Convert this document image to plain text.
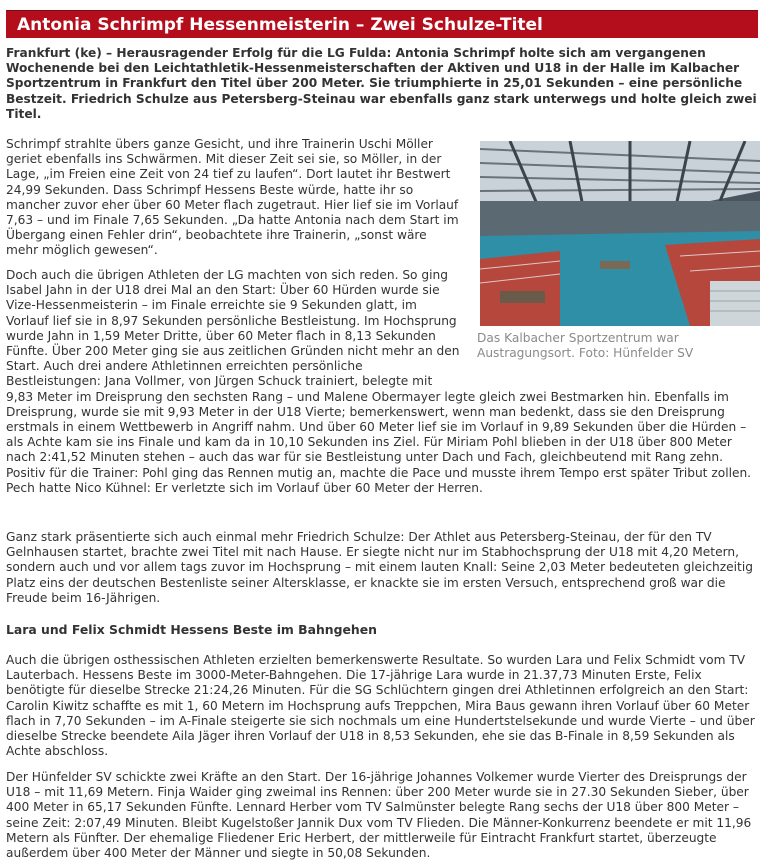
Antonia Schrimpf Hessenmeisterin – Zwei Schulze-Titel

Frankfurt (ke) – Herausragender Erfolg für die LG Fulda: Antonia Schrimpf holte sich am vergangenen Wochenende bei den Leichtathletik-Hessenmeisterschaften der Aktiven und U18 in der Halle im Kalbacher Sportzentrum in Frankfurt den Titel über 200 Meter. Sie triumphierte in 25,01 Sekunden – eine persönliche Bestzeit. Friedrich Schulze aus Petersberg-Steinau war ebenfalls ganz stark unterwegs und holte gleich zwei Titel.

Schrimpf strahlte übers ganze Gesicht, und ihre Trainerin Uschi Möller geriet ebenfalls ins Schwärmen. Mit dieser Zeit sei sie, so Möller, in der Lage, „im Freien eine Zeit von 24 tief zu laufen“. Dort lautet ihr Bestwert 24,99 Sekunden. Dass Schrimpf Hessens Beste würde, hatte ihr so mancher zuvor eher über 60 Meter flach zugetraut. Hier lief sie im Vorlauf 7,63 – und im Finale 7,65 Sekunden. „Da hatte Antonia nach dem Start im Übergang einen Fehler drin“, beobachtete ihre Trainerin, „sonst wäre mehr möglich gewesen“.

Das Kalbacher Sportzentrum war Austragungsort. Foto: Hünfelder SV
Doch auch die übrigen Athleten der LG machten von sich reden. So ging Isabel Jahn in der U18 drei Mal an den Start: Über 60 Hürden wurde sie Vize-Hessenmeisterin – im Finale erreichte sie 9 Sekunden glatt, im Vorlauf lief sie in 8,97 Sekunden persönliche Bestleistung. Im Hochsprung wurde Jahn in 1,59 Meter Dritte, über 60 Meter flach in 8,13 Sekunden Fünfte. Über 200 Meter ging sie aus zeitlichen Gründen nicht mehr an den Start. Auch drei andere Athletinnen erreichten persönliche Bestleistungen: Jana Vollmer, von Jürgen Schuck trainiert, belegte mit
9,83 Meter im Dreisprung den sechsten Rang – und Malene Obermayer legte gleich zwei Bestmarken hin. Ebenfalls im Dreisprung, wurde sie mit 9,93 Meter in der U18 Vierte; bemerkenswert, wenn man bedenkt, dass sie den Dreisprung erstmals in einem Wettbewerb in Angriff nahm. Und über 60 Meter lief sie im Vorlauf in 9,89 Sekunden über die Hürden – als Achte kam sie ins Finale und kam da in 10,10 Sekunden ins Ziel. Für Miriam Pohl blieben in der U18 über 800 Meter nach 2:41,52 Minuten stehen – auch das war für sie Bestleistung unter Dach und Fach, gleichbeutend mit Rang zehn. Positiv für die Trainer: Pohl ging das Rennen mutig an, machte die Pace und musste ihrem Tempo erst später Tribut zollen. Pech hatte Nico Kühnel: Er verletzte sich im Vorlauf über 60 Meter der Herren.

Ganz stark präsentierte sich auch einmal mehr Friedrich Schulze: Der Athlet aus Petersberg-Steinau, der für den TV Gelnhausen startet, brachte zwei Titel mit nach Hause. Er siegte nicht nur im Stabhochsprung der U18 mit 4,20 Metern, sondern auch und vor allem tags zuvor im Hochsprung – mit einem lauten Knall: Seine 2,03 Meter bedeuteten gleichzeitig Platz eins der deutschen Bestenliste seiner Altersklasse, er knackte sie im ersten Versuch, entsprechend groß war die Freude beim 16-Jährigen.

Lara und Felix Schmidt Hessens Beste im Bahngehen

Auch die übrigen osthessischen Athleten erzielten bemerkenswerte Resultate. So wurden Lara und Felix Schmidt vom TV Lauterbach. Hessens Beste im 3000-Meter-Bahngehen. Die 17-jährige Lara wurde in 21.37,73 Minuten Erste, Felix benötigte für dieselbe Strecke 21:24,26 Minuten. Für die SG Schlüchtern gingen drei Athletinnen erfolgreich an den Start: Carolin Kiwitz schaffte es mit 1, 60 Metern im Hochsprung aufs Treppchen, Mira Baus gewann ihren Vorlauf über 60 Meter flach in 7,70 Sekunden – im A-Finale steigerte sie sich nochmals um eine Hundertstelsekunde und wurde Vierte – und über dieselbe Strecke beendete Aila Jäger ihren Vorlauf der U18 in 8,53 Sekunden, ehe sie das B-Finale in 8,59 Sekunden als Achte abschloss.

Der Hünfelder SV schickte zwei Kräfte an den Start. Der 16-jährige Johannes Volkemer wurde Vierter des Dreisprungs der U18 – mit 11,69 Metern. Finja Waider ging zweimal ins Rennen: über 200 Meter wurde sie in 27.30 Sekunden Sieber, über 400 Meter in 65,17 Sekunden Fünfte. Lennard Herber vom TV Salmünster belegte Rang sechs der U18 über 800 Meter – seine Zeit: 2:07,49 Minuten. Bleibt Kugelstoßer Jannik Dux vom TV Flieden. Die Männer-Konkurrenz beendete er mit 11,96 Metern als Fünfter. Der ehemalige Fliedener Eric Herbert, der mittlerweile für Eintracht Frankfurt startet, überzeugte außerdem über 400 Meter der Männer und siegte in 50,08 Sekunden.
